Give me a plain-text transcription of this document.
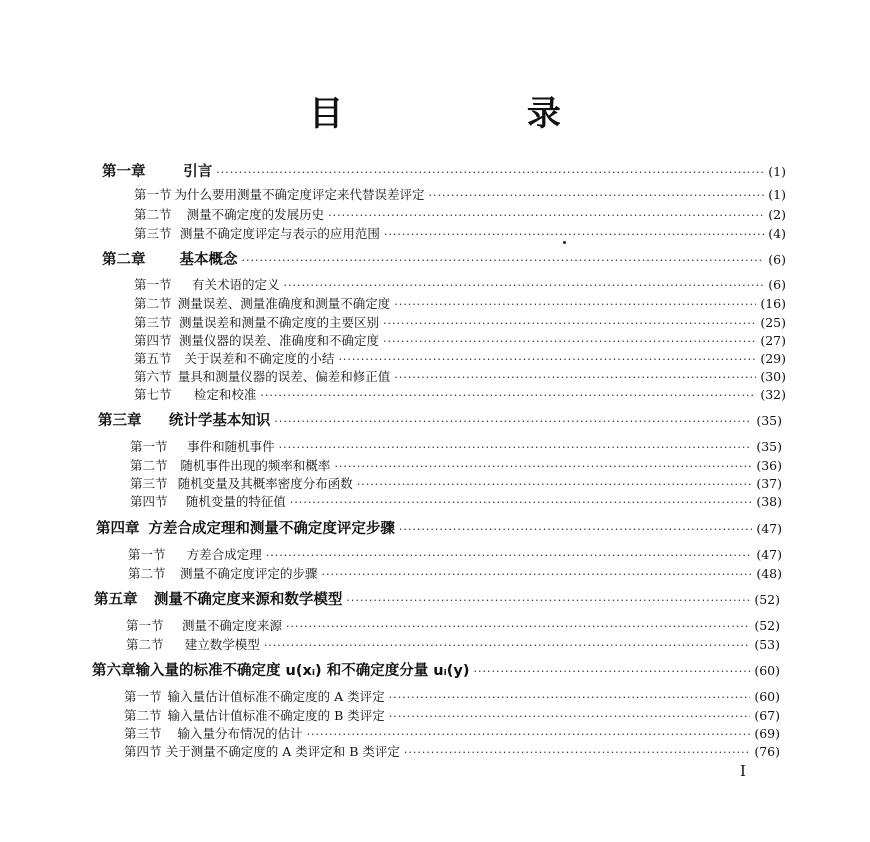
目 录
第一章	引言 ·····	(1)
第一节 为什么要用测量不确定度评定来代替误差评定 ·····	(1)
第二节	测量不确定度的发展历史 ·····	(2)
第三节 测量不确定度评定与表示的应用范围 ·····	(4)
第二章	基本概念 ·····	(6)
第一节	有关术语的定义 ·····	(6)
第二节 测量误差、测量准确度和测量不确定度 ·····	(16)
第三节 测量误差和测量不确定度的主要区别 ·····	(25)
第四节 测量仪器的误差、准确度和不确定度 ·····	(27)
第五节	关于误差和不确定度的小结 ·····	(29)
第六节 量具和测量仪器的误差、偏差和修正值 ·····	(30)
第七节	检定和校准 ·····	(32)
第三章	统计学基本知识 ·····	(35)
第一节	事件和随机事件 ·····	(35)
第二节	随机事件出现的频率和概率 ·····	(36)
第三节 随机变量及其概率密度分布函数 ·····	(37)
第四节	随机变量的特征值 ·····	(38)
第四章 方差合成定理和测量不确定度评定步骤 ·····	(47)
第一节	方差合成定理 ·····	(47)
第二节	测量不确定度评定的步骤 ·····	(48)
第五章	测量不确定度来源和数学模型 ·····	(52)
第一节	测量不确定度来源 ·····	(52)
第二节	建立数学模型 ·····	(53)
第六章 输入量的标准不确定度 u(xᵢ) 和不确定度分量 uᵢ(y) ·····	(60)
第一节 输入量估计值标准不确定度的 A 类评定 ·····	(60)
第二节 输入量估计值标准不确定度的 B 类评定 ·····	(67)
第三节	输入量分布情况的估计 ·····	(69)
第四节 关于测量不确定度的 A 类评定和 B 类评定 ·····	(76)
I
